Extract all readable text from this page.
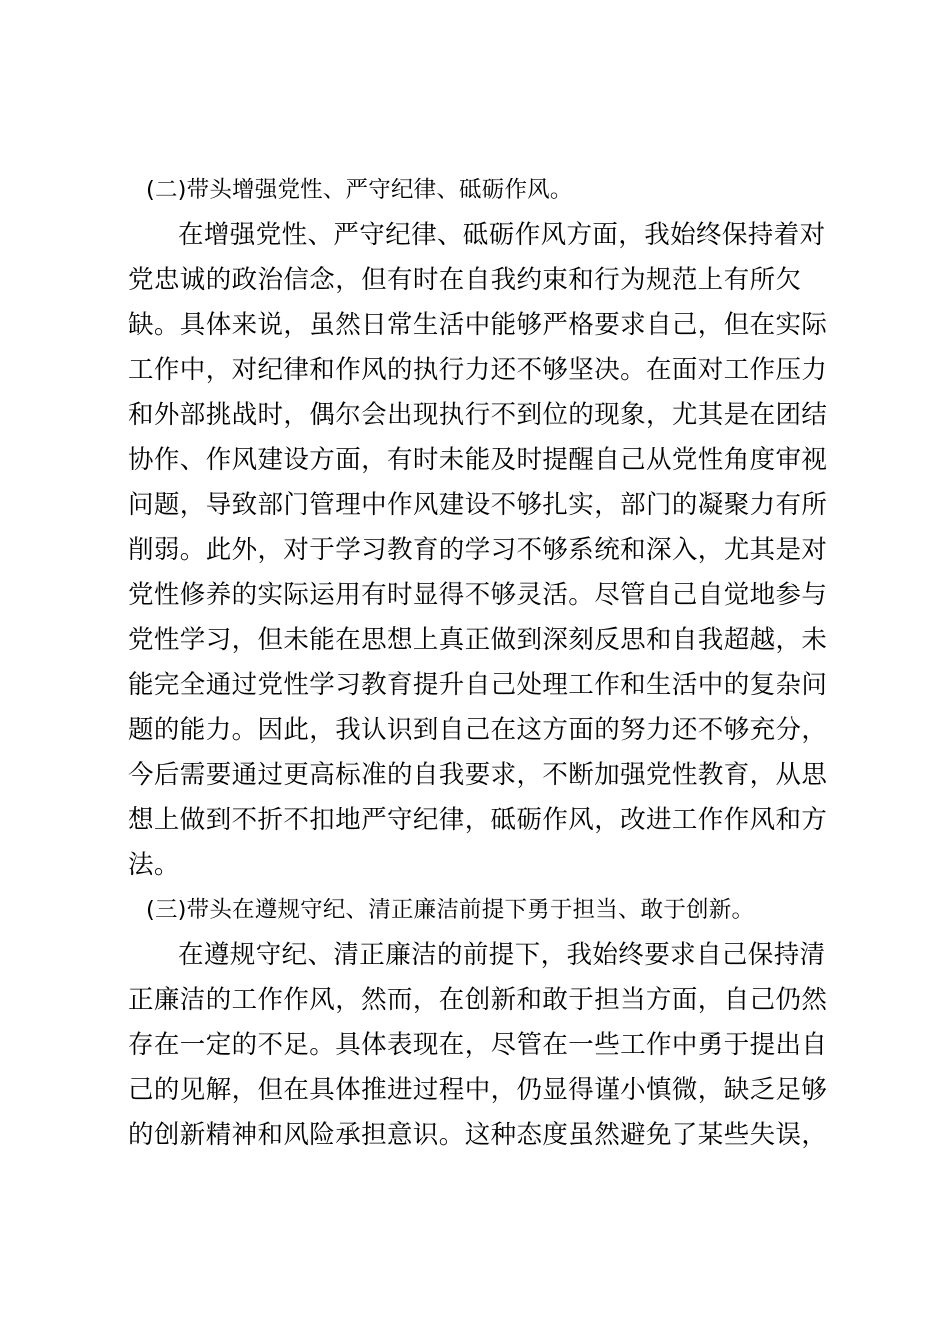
(二)带头增强党性、严守纪律、砥砺作风。
在增强党性、严守纪律、砥砺作风方面，我始终保持着对
党忠诚的政治信念，但有时在自我约束和行为规范上有所欠
缺。具体来说，虽然日常生活中能够严格要求自己，但在实际
工作中，对纪律和作风的执行力还不够坚决。在面对工作压力
和外部挑战时，偶尔会出现执行不到位的现象，尤其是在团结
协作、作风建设方面，有时未能及时提醒自己从党性角度审视
问题，导致部门管理中作风建设不够扎实，部门的凝聚力有所
削弱。此外，对于学习教育的学习不够系统和深入，尤其是对
党性修养的实际运用有时显得不够灵活。尽管自己自觉地参与
党性学习，但未能在思想上真正做到深刻反思和自我超越，未
能完全通过党性学习教育提升自己处理工作和生活中的复杂问
题的能力。因此，我认识到自己在这方面的努力还不够充分，
今后需要通过更高标准的自我要求，不断加强党性教育，从思
想上做到不折不扣地严守纪律，砥砺作风，改进工作作风和方
法。
(三)带头在遵规守纪、清正廉洁前提下勇于担当、敢于创新。
在遵规守纪、清正廉洁的前提下，我始终要求自己保持清
正廉洁的工作作风，然而，在创新和敢于担当方面，自己仍然
存在一定的不足。具体表现在，尽管在一些工作中勇于提出自
己的见解，但在具体推进过程中，仍显得谨小慎微，缺乏足够
的创新精神和风险承担意识。这种态度虽然避免了某些失误，
